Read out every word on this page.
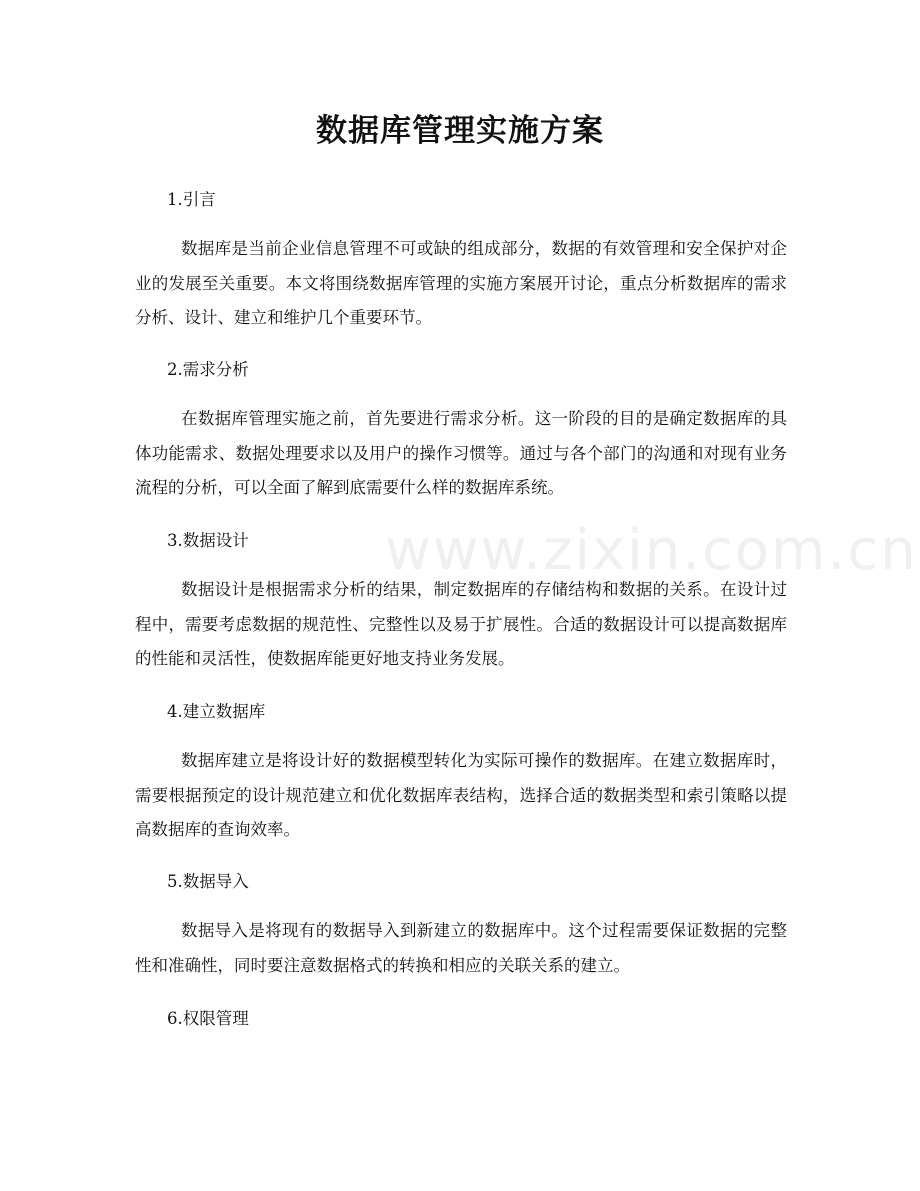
www.zixin.com.cn
数据库管理实施方案

1.引言

数据库是当前企业信息管理不可或缺的组成部分，数据的有效管理和安全保护对企业的发展至关重要。本文将围绕数据库管理的实施方案展开讨论，重点分析数据库的需求分析、设计、建立和维护几个重要环节。

2.需求分析

在数据库管理实施之前，首先要进行需求分析。这一阶段的目的是确定数据库的具体功能需求、数据处理要求以及用户的操作习惯等。通过与各个部门的沟通和对现有业务流程的分析，可以全面了解到底需要什么样的数据库系统。

3.数据设计

数据设计是根据需求分析的结果，制定数据库的存储结构和数据的关系。在设计过程中，需要考虑数据的规范性、完整性以及易于扩展性。合适的数据设计可以提高数据库的性能和灵活性，使数据库能更好地支持业务发展。

4.建立数据库

数据库建立是将设计好的数据模型转化为实际可操作的数据库。在建立数据库时，需要根据预定的设计规范建立和优化数据库表结构，选择合适的数据类型和索引策略以提高数据库的查询效率。

5.数据导入

数据导入是将现有的数据导入到新建立的数据库中。这个过程需要保证数据的完整性和准确性，同时要注意数据格式的转换和相应的关联关系的建立。

6.权限管理
